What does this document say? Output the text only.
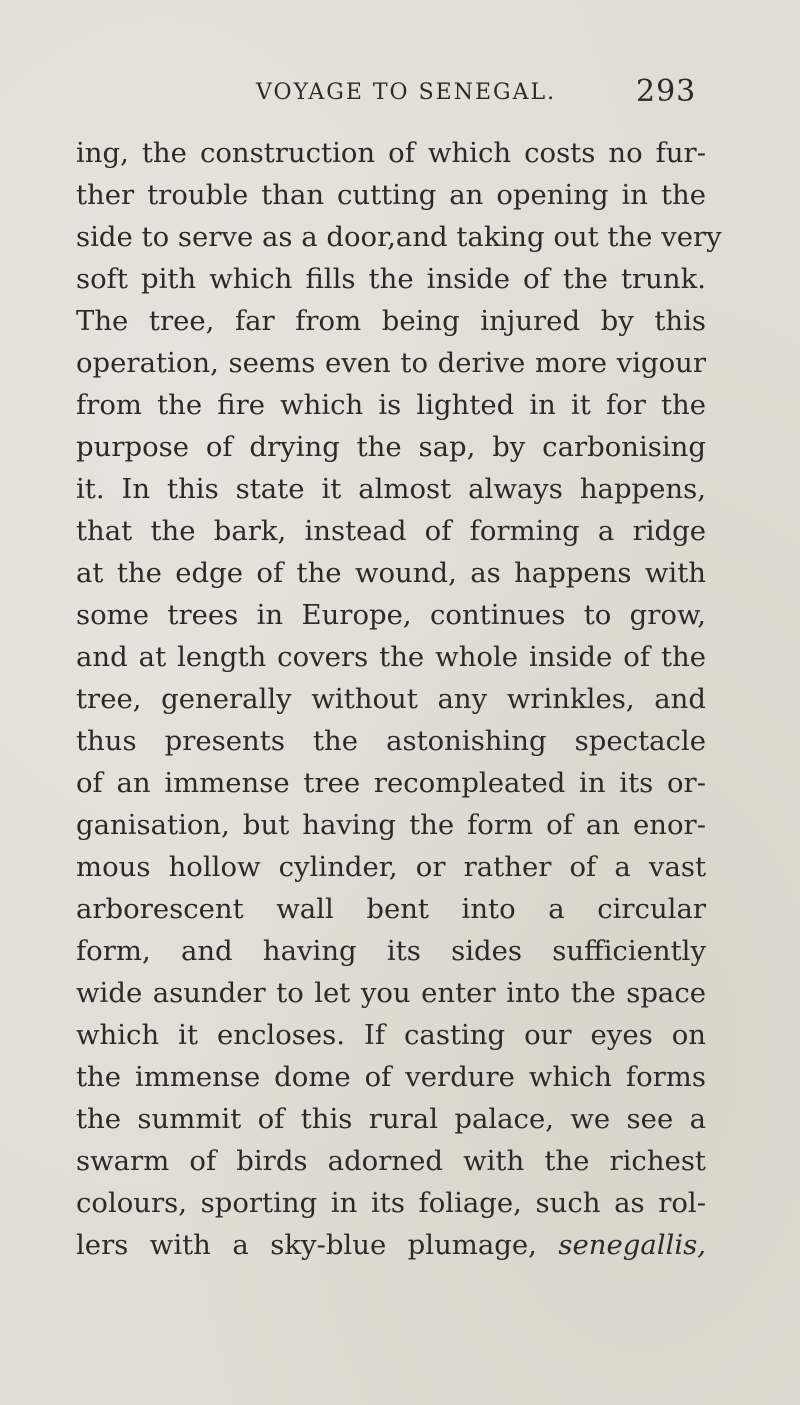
VOYAGE TO SENEGAL.	293
ing, the construction of which costs no fur-
ther trouble than cutting an opening in the
side to serve as a door,and taking out the very
soft pith which fills the inside of the trunk.
The tree, far from being injured by this
operation, seems even to derive more vigour
from the fire which is lighted in it for the
purpose of drying the sap, by carbonising
it. In this state it almost always happens,
that the bark, instead of forming a ridge
at the edge of the wound, as happens with
some trees in Europe, continues to grow,
and at length covers the whole inside of the
tree, generally without any wrinkles, and
thus presents the astonishing spectacle
of an immense tree recompleated in its or-
ganisation, but having the form of an enor-
mous hollow cylinder, or rather of a vast
arborescent wall bent into a circular
form, and having its sides sufficiently
wide asunder to let you enter into the space
which it encloses. If casting our eyes on
the immense dome of verdure which forms
the summit of this rural palace, we see a
swarm of birds adorned with the richest
colours, sporting in its foliage, such as rol-
lers with a sky-blue plumage, senegallis,
